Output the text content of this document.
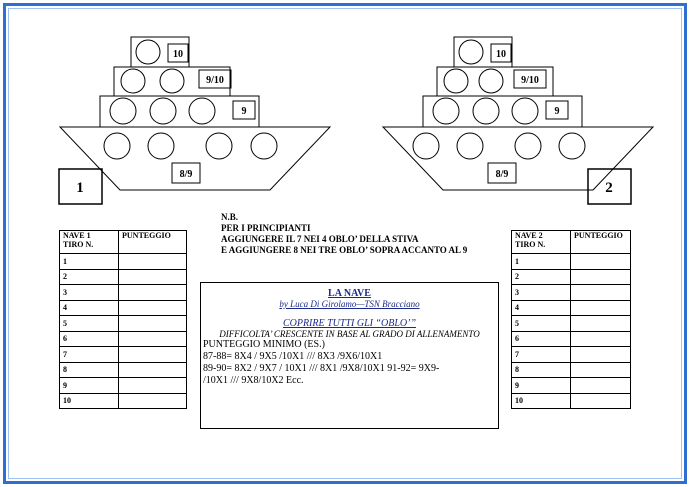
10
9/10
9
8/9
1
10
9/10
9
8/9
2
N.B.
PER I PRINCIPIANTI
AGGIUNGERE IL 7 NEI 4 OBLO’ DELLA STIVA
E AGGIUNGERE 8 NEI TRE OBLO’ SOPRA ACCANTO AL 9
NAVE 1
TIRO N.	PUNTEGGIO
1	
2	
3	
4	
5	
6	
7	
8	
9	
10	
NAVE 2
TIRO N.	PUNTEGGIO
1	
2	
3	
4	
5	
6	
7	
8	
9	
10	
LA NAVE
by Luca Di Girolamo—TSN Bracciano
COPRIRE TUTTI GLI “OBLO’”
DIFFICOLTA’ CRESCENTE IN BASE AL GRADO DI ALLENAMENTO
PUNTEGGIO MINIMO (ES.)
87-88= 8X4 / 9X5 /10X1 /// 8X3 /9X6/10X1
89-90= 8X2 / 9X7 / 10X1 /// 8X1 /9X8/10X1 91-92= 9X9-
/10X1 /// 9X8/10X2 Ecc.
